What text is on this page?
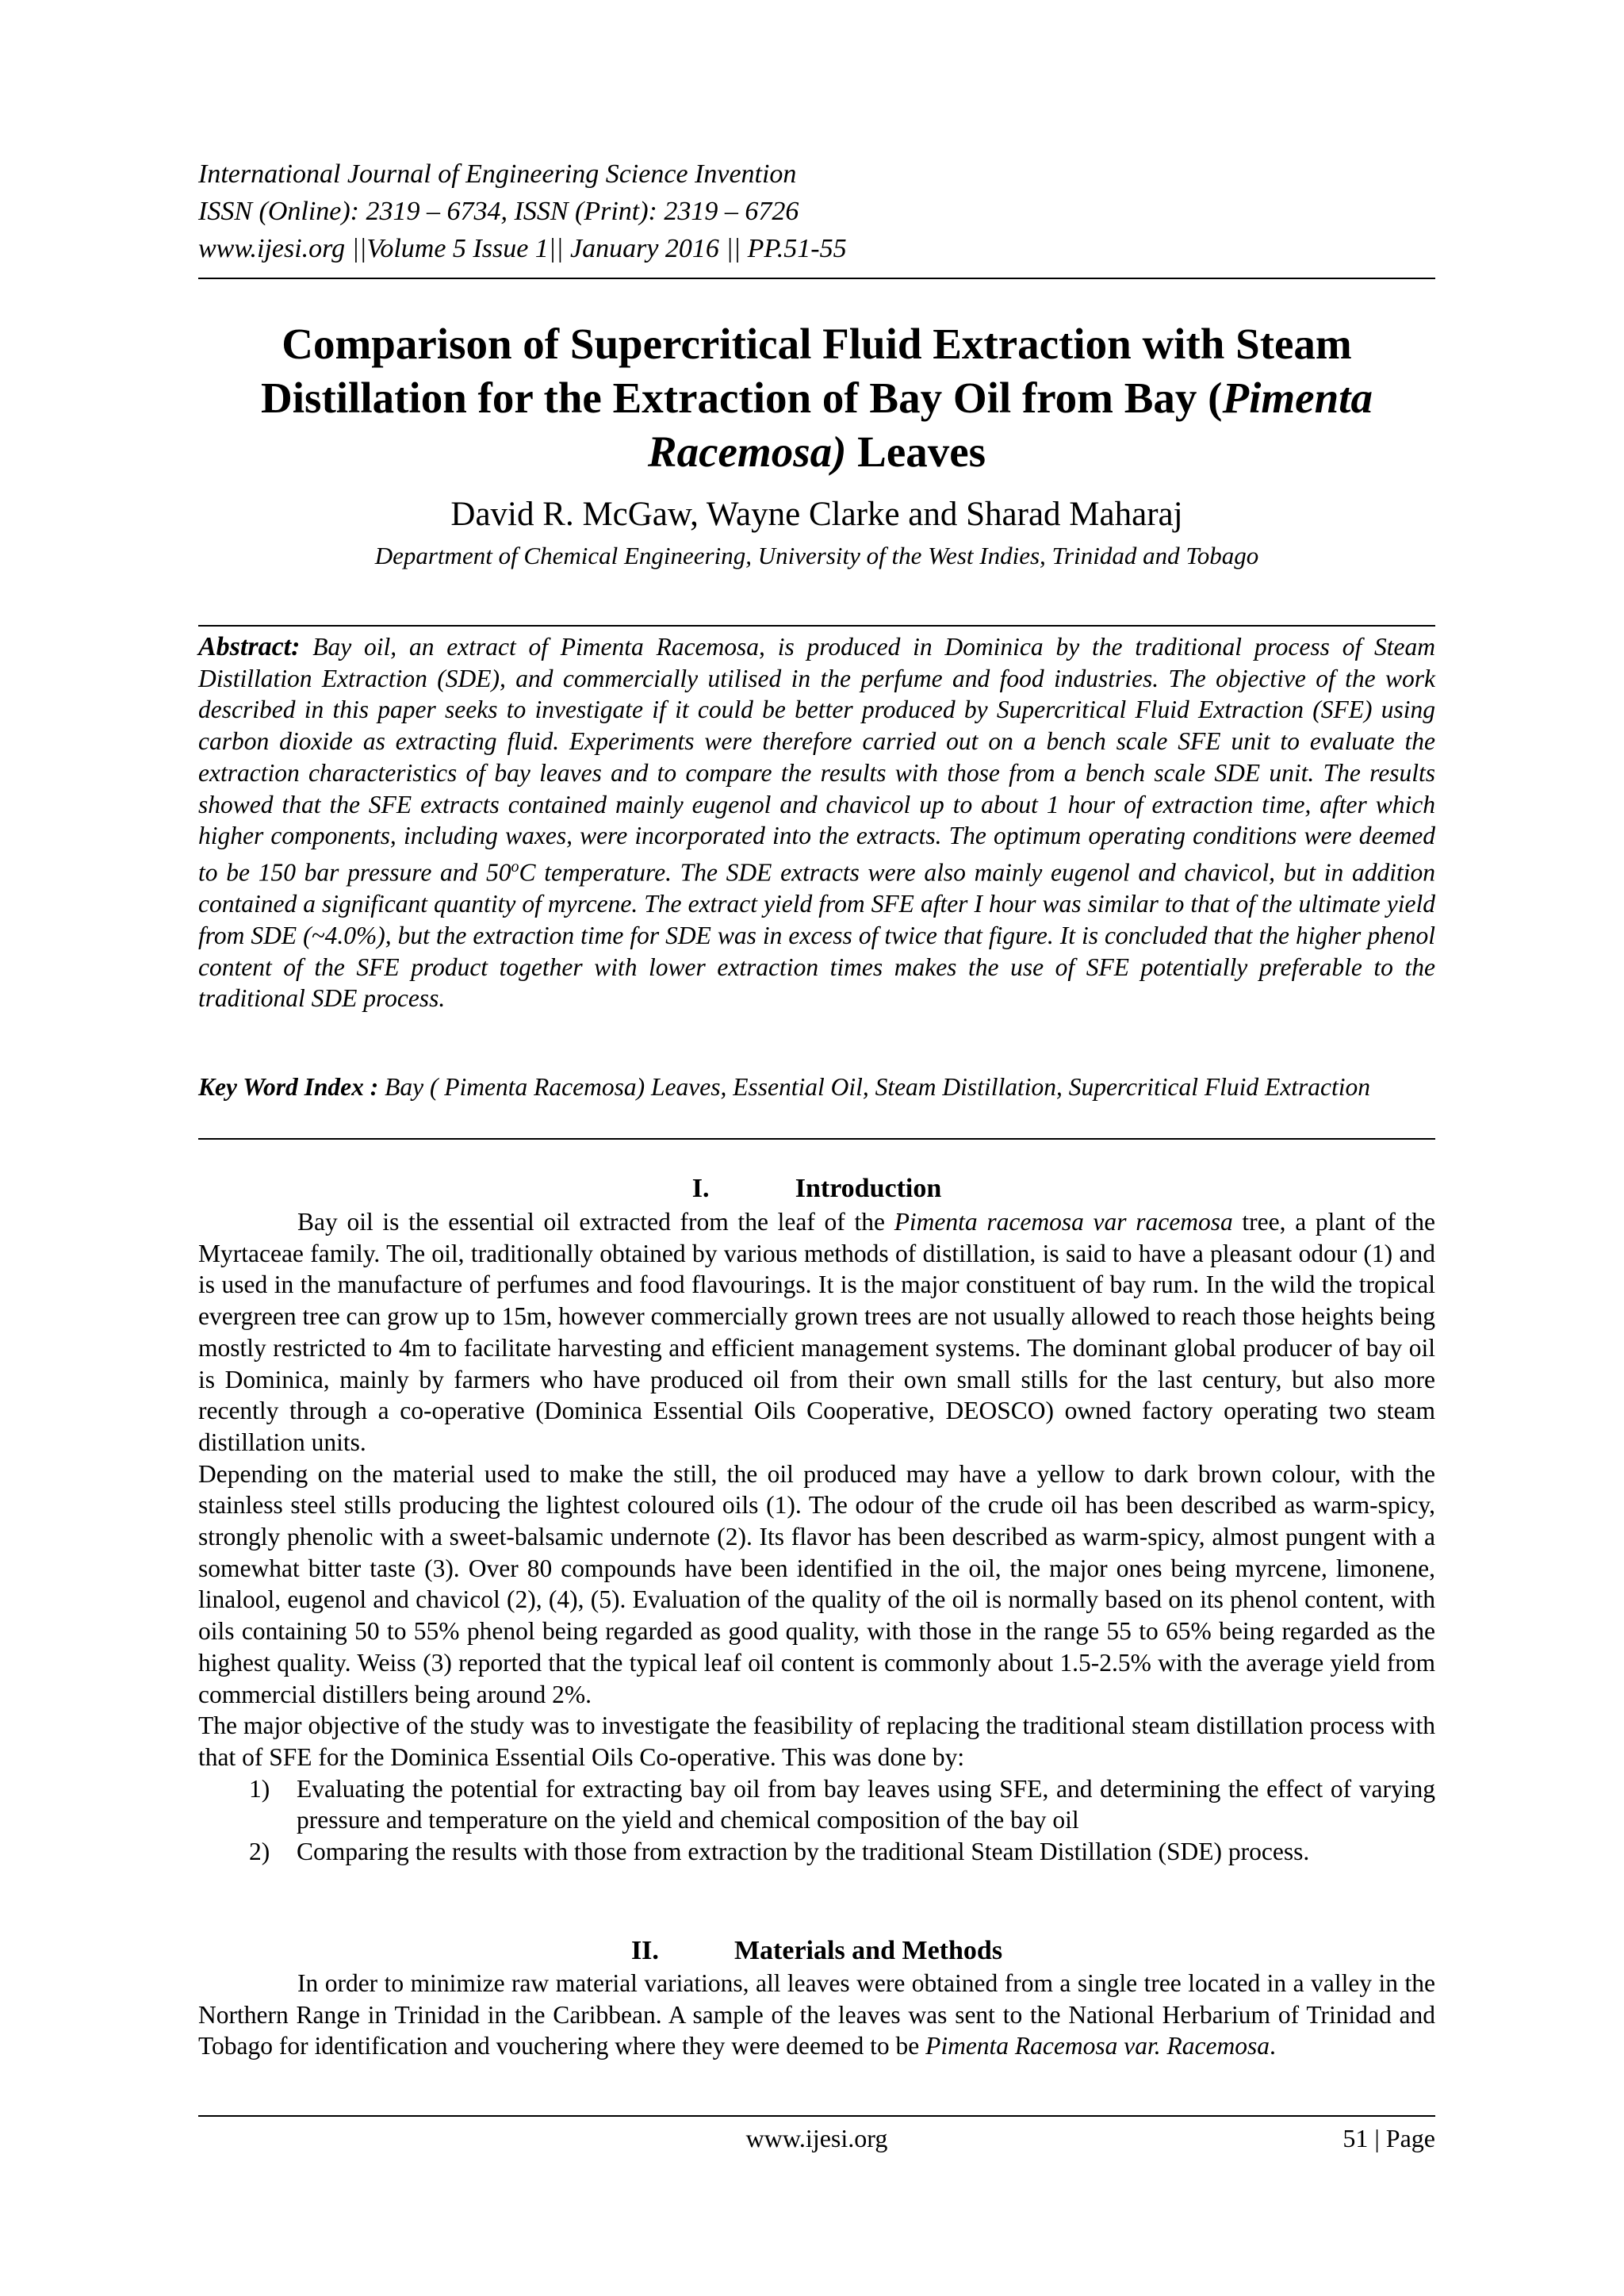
International Journal of Engineering Science Invention
ISSN (Online): 2319 – 6734, ISSN (Print): 2319 – 6726
www.ijesi.org ||Volume 5 Issue 1|| January 2016 || PP.51-55
Comparison of Supercritical Fluid Extraction with Steam
Distillation for the Extraction of Bay Oil from Bay (Pimenta
Racemosa) Leaves
David R. McGaw, Wayne Clarke and Sharad Maharaj
Department of Chemical Engineering, University of the West Indies, Trinidad and Tobago
Abstract: Bay oil, an extract of Pimenta Racemosa, is produced in Dominica by the traditional process of Steam Distillation Extraction (SDE), and commercially utilised in the perfume and food industries. The objective of the work described in this paper seeks to investigate if it could be better produced by Supercritical Fluid Extraction (SFE) using carbon dioxide as extracting fluid. Experiments were therefore carried out on a bench scale SFE unit to evaluate the extraction characteristics of bay leaves and to compare the results with those from a bench scale SDE unit. The results showed that the SFE extracts contained mainly eugenol and chavicol up to about 1 hour of extraction time, after which higher components, including waxes, were incorporated into the extracts. The optimum operating conditions were deemed to be 150 bar pressure and 50$^o$C temperature. The SDE extracts were also mainly eugenol and chavicol, but in addition contained a significant quantity of myrcene. The extract yield from SFE after I hour was similar to that of the ultimate yield from SDE (~4.0%), but the extraction time for SDE was in excess of twice that figure. It is concluded that the higher phenol content of the SFE product together with lower extraction times makes the use of SFE potentially preferable to the traditional SDE process.
Key Word Index : Bay ( Pimenta Racemosa) Leaves, Essential Oil, Steam Distillation, Supercritical Fluid Extraction
I.	Introduction

Bay oil is the essential oil extracted from the leaf of the Pimenta racemosa var racemosa tree, a plant of the Myrtaceae family. The oil, traditionally obtained by various methods of distillation, is said to have a pleasant odour (1) and is used in the manufacture of perfumes and food flavourings. It is the major constituent of bay rum. In the wild the tropical evergreen tree can grow up to 15m, however commercially grown trees are not usually allowed to reach those heights being mostly restricted to 4m to facilitate harvesting and efficient management systems. The dominant global producer of bay oil is Dominica, mainly by farmers who have produced oil from their own small stills for the last century, but also more recently through a co-operative (Dominica Essential Oils Cooperative, DEOSCO) owned factory operating two steam distillation units.

Depending on the material used to make the still, the oil produced may have a yellow to dark brown colour, with the stainless steel stills producing the lightest coloured oils (1). The odour of the crude oil has been described as warm-spicy, strongly phenolic with a sweet-balsamic undernote (2). Its flavor has been described as warm-spicy, almost pungent with a somewhat bitter taste (3). Over 80 compounds have been identified in the oil, the major ones being myrcene, limonene, linalool, eugenol and chavicol (2), (4), (5). Evaluation of the quality of the oil is normally based on its phenol content, with oils containing 50 to 55% phenol being regarded as good quality, with those in the range 55 to 65% being regarded as the highest quality. Weiss (3) reported that the typical leaf oil content is commonly about 1.5-2.5% with the average yield from commercial distillers being around 2%.

The major objective of the study was to investigate the feasibility of replacing the traditional steam distillation process with that of SFE for the Dominica Essential Oils Co-operative. This was done by:

1) Evaluating the potential for extracting bay oil from bay leaves using SFE, and determining the effect of varying pressure and temperature on the yield and chemical composition of the bay oil
2) Comparing the results with those from extraction by the traditional Steam Distillation (SDE) process.
II.	Materials and Methods

In order to minimize raw material variations, all leaves were obtained from a single tree located in a valley in the Northern Range in Trinidad in the Caribbean. A sample of the leaves was sent to the National Herbarium of Trinidad and Tobago for identification and vouchering where they were deemed to be Pimenta Racemosa var. Racemosa.

www.ijesi.org	51 | Page
